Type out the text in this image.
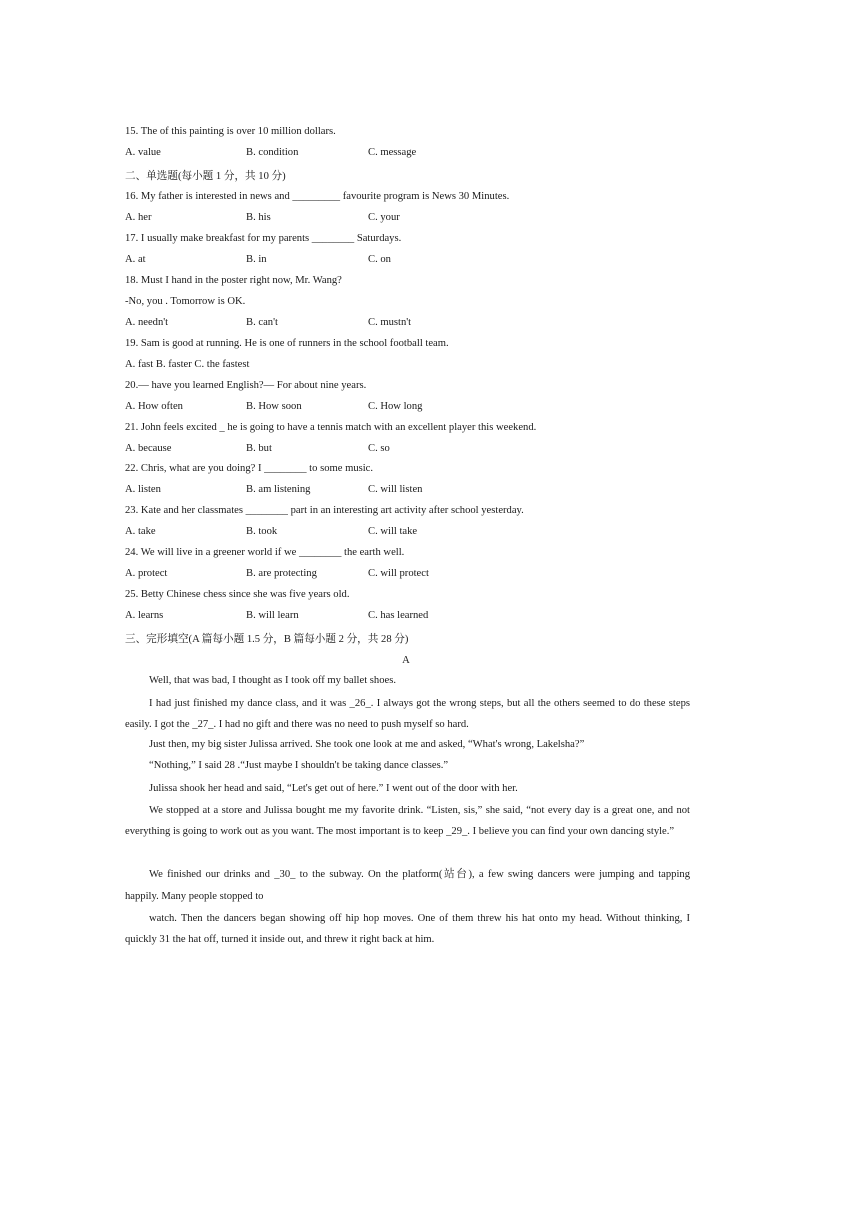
15. The of this painting is over 10 million dollars.
A. value	B. condition	C. message
二、单选题(每小题 1 分，共 10 分)
16. My father is interested in news and _________ favourite program is News 30 Minutes.
A. her	B. his	C. your
17. I usually make breakfast for my parents ________ Saturdays.
A. at	B. in	C. on
18. Must I hand in the poster right now, Mr. Wang?
-No, you . Tomorrow is OK.
A. needn't	B. can't	C. mustn't
19. Sam is good at running. He is one of runners in the school football team.
A. fast B. faster C. the fastest
20.— have you learned English?— For about nine years.
A. How often	B. How soon	C. How long
21. John feels excited _ he is going to have a tennis match with an excellent player this weekend.
A. because	B. but	C. so
22. Chris, what are you doing? I ________ to some music.
A. listen	B. am listening	C. will listen
23. Kate and her classmates ________ part in an interesting art activity after school yesterday.
A. take	B. took	C. will take
24. We will live in a greener world if we ________ the earth well.
A. protect	B. are protecting	C. will protect
25. Betty Chinese chess since she was five years old.
A. learns	B. will learn	C. has learned
三、完形填空(A 篇每小题 1.5 分，B 篇每小题 2 分，共 28 分)
A
Well, that was bad, I thought as I took off my ballet shoes.
I had just finished my dance class, and it was _26_. I always got the wrong steps, but all the others seemed to do these steps easily. I got the _27_. I had no gift and there was no need to push myself so hard.
Just then, my big sister Julissa arrived. She took one look at me and asked, “What's wrong, Lakelsha?”
“Nothing,” I said 28 .“Just maybe I shouldn't be taking dance classes.”
Julissa shook her head and said, “Let's get out of here.” I went out of the door with her.
We stopped at a store and Julissa bought me my favorite drink. “Listen, sis,” she said, “not every day is a great one, and not everything is going to work out as you want. The most important is to keep _29_. I believe you can find your own dancing style.”
We finished our drinks and _30_ to the subway. On the platform(站台), a few swing dancers were jumping and tapping happily. Many people stopped to
watch. Then the dancers began showing off hip hop moves. One of them threw his hat onto my head. Without thinking, I quickly 31 the hat off, turned it inside out, and threw it right back at him.
